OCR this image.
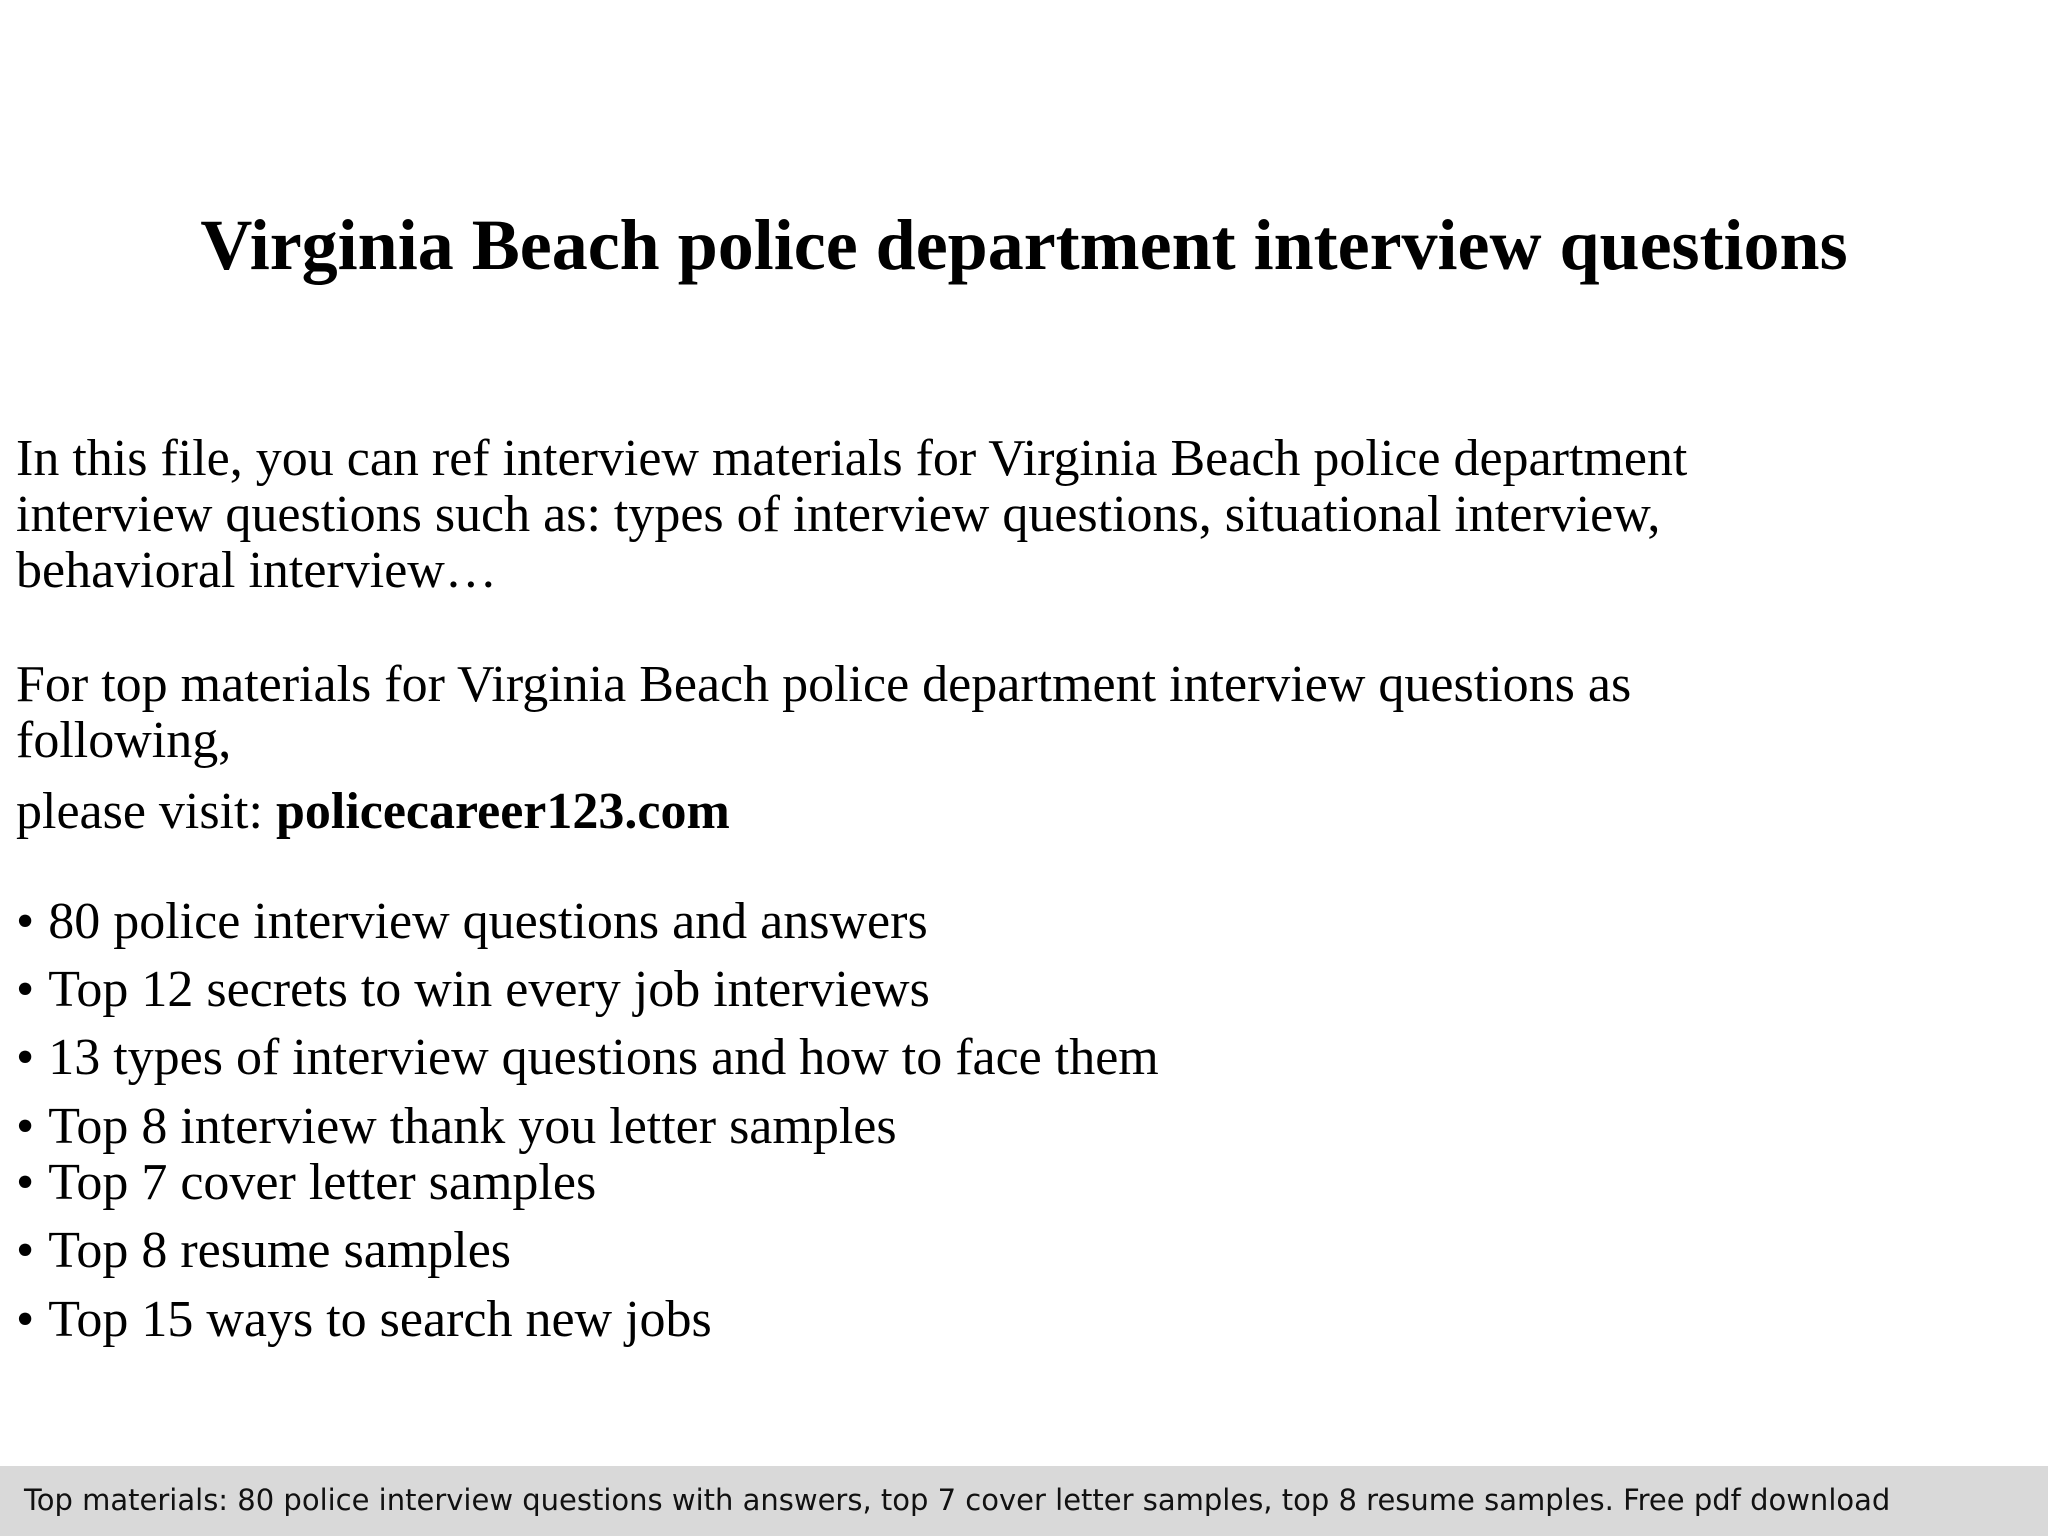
Virginia Beach police department interview questions
In this file, you can ref interview materials for Virginia Beach police department
interview questions such as: types of interview questions, situational interview,
behavioral interview…
For top materials for Virginia Beach police department interview questions as
following,
please visit: policecareer123.com
• 80 police interview questions and answers
• Top 12 secrets to win every job interviews
• 13 types of interview questions and how to face them
• Top 8 interview thank you letter samples
• Top 7 cover letter samples
• Top 8 resume samples
• Top 15 ways to search new jobs
Top materials: 80 police interview questions with answers, top 7 cover letter samples, top 8 resume samples. Free pdf download
